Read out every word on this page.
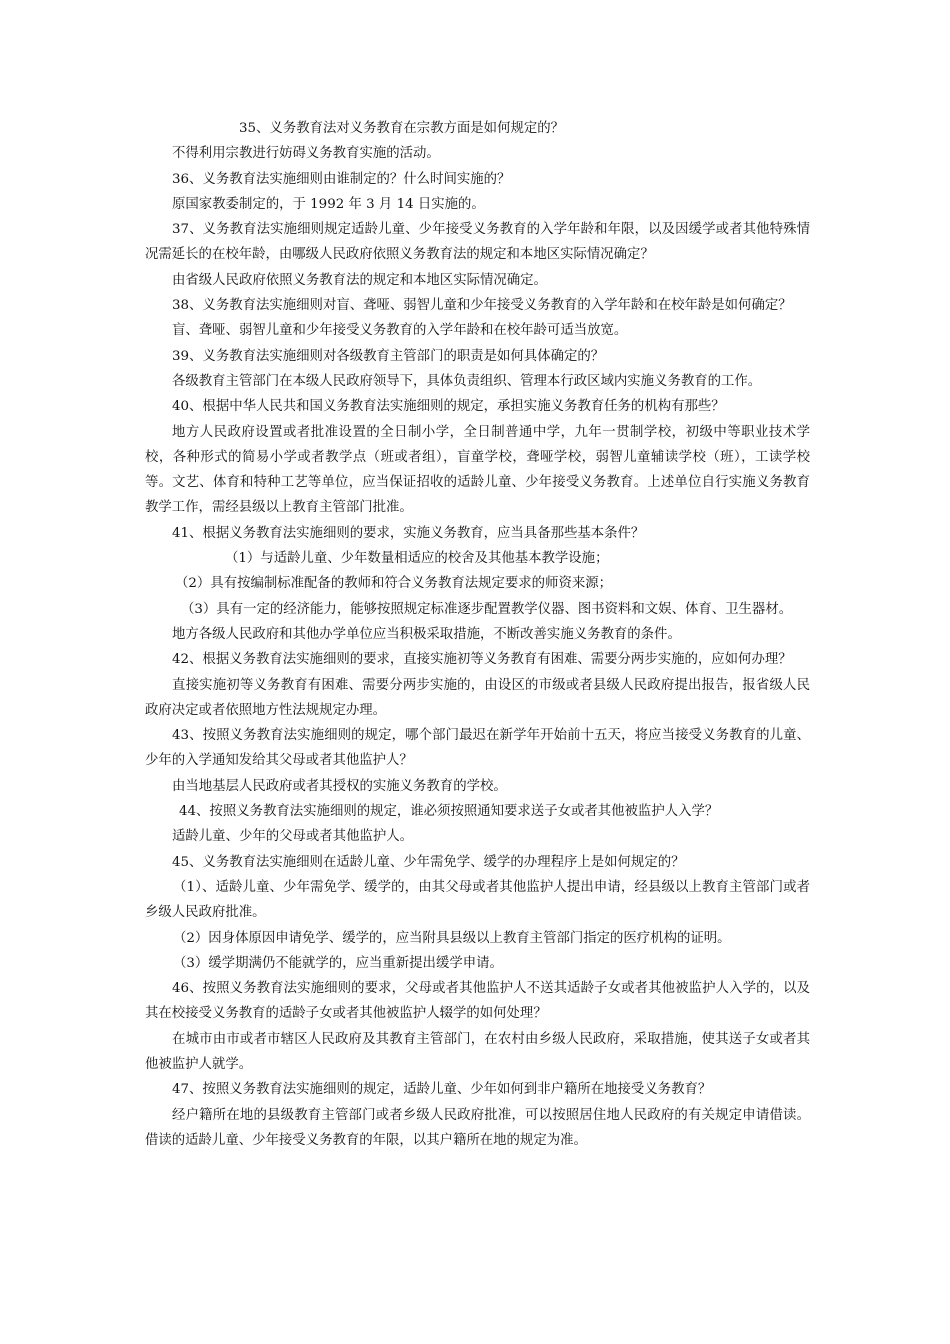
35、义务教育法对义务教育在宗教方面是如何规定的？

不得利用宗教进行妨碍义务教育实施的活动。

36、义务教育法实施细则由谁制定的？什么时间实施的？

原国家教委制定的，于 1992 年 3 月 14 日实施的。

37、义务教育法实施细则规定适龄儿童、少年接受义务教育的入学年龄和年限，以及因缓学或者其他特殊情况需延长的在校年龄，由哪级人民政府依照义务教育法的规定和本地区实际情况确定？

由省级人民政府依照义务教育法的规定和本地区实际情况确定。

38、义务教育法实施细则对盲、聋哑、弱智儿童和少年接受义务教育的入学年龄和在校年龄是如何确定？

盲、聋哑、弱智儿童和少年接受义务教育的入学年龄和在校年龄可适当放宽。

39、义务教育法实施细则对各级教育主管部门的职责是如何具体确定的？

各级教育主管部门在本级人民政府领导下，具体负责组织、管理本行政区域内实施义务教育的工作。

40、根据中华人民共和国义务教育法实施细则的规定，承担实施义务教育任务的机构有那些？

地方人民政府设置或者批准设置的全日制小学，全日制普通中学，九年一贯制学校，初级中等职业技术学校，各种形式的简易小学或者教学点（班或者组），盲童学校，聋哑学校，弱智儿童辅读学校（班），工读学校等。文艺、体育和特种工艺等单位，应当保证招收的适龄儿童、少年接受义务教育。上述单位自行实施义务教育教学工作，需经县级以上教育主管部门批准。

41、根据义务教育法实施细则的要求，实施义务教育，应当具备那些基本条件？

（1）与适龄儿童、少年数量相适应的校舍及其他基本教学设施；

（2）具有按编制标准配备的教师和符合义务教育法规定要求的师资来源；

（3）具有一定的经济能力，能够按照规定标准逐步配置教学仪器、图书资料和文娱、体育、卫生器材。

地方各级人民政府和其他办学单位应当积极采取措施，不断改善实施义务教育的条件。

42、根据义务教育法实施细则的要求，直接实施初等义务教育有困难、需要分两步实施的，应如何办理？

直接实施初等义务教育有困难、需要分两步实施的，由设区的市级或者县级人民政府提出报告，报省级人民政府决定或者依照地方性法规规定办理。

43、按照义务教育法实施细则的规定，哪个部门最迟在新学年开始前十五天，将应当接受义务教育的儿童、少年的入学通知发给其父母或者其他监护人？

由当地基层人民政府或者其授权的实施义务教育的学校。

44、按照义务教育法实施细则的规定，谁必须按照通知要求送子女或者其他被监护人入学？

适龄儿童、少年的父母或者其他监护人。

45、义务教育法实施细则在适龄儿童、少年需免学、缓学的办理程序上是如何规定的？

（1）、适龄儿童、少年需免学、缓学的，由其父母或者其他监护人提出申请，经县级以上教育主管部门或者乡级人民政府批准。

（2）因身体原因申请免学、缓学的，应当附具县级以上教育主管部门指定的医疗机构的证明。

（3）缓学期满仍不能就学的，应当重新提出缓学申请。

46、按照义务教育法实施细则的要求，父母或者其他监护人不送其适龄子女或者其他被监护人入学的，以及其在校接受义务教育的适龄子女或者其他被监护人辍学的如何处理？

在城市由市或者市辖区人民政府及其教育主管部门，在农村由乡级人民政府，采取措施，使其送子女或者其他被监护人就学。

47、按照义务教育法实施细则的规定，适龄儿童、少年如何到非户籍所在地接受义务教育？

经户籍所在地的县级教育主管部门或者乡级人民政府批准，可以按照居住地人民政府的有关规定申请借读。借读的适龄儿童、少年接受义务教育的年限，以其户籍所在地的规定为准。
